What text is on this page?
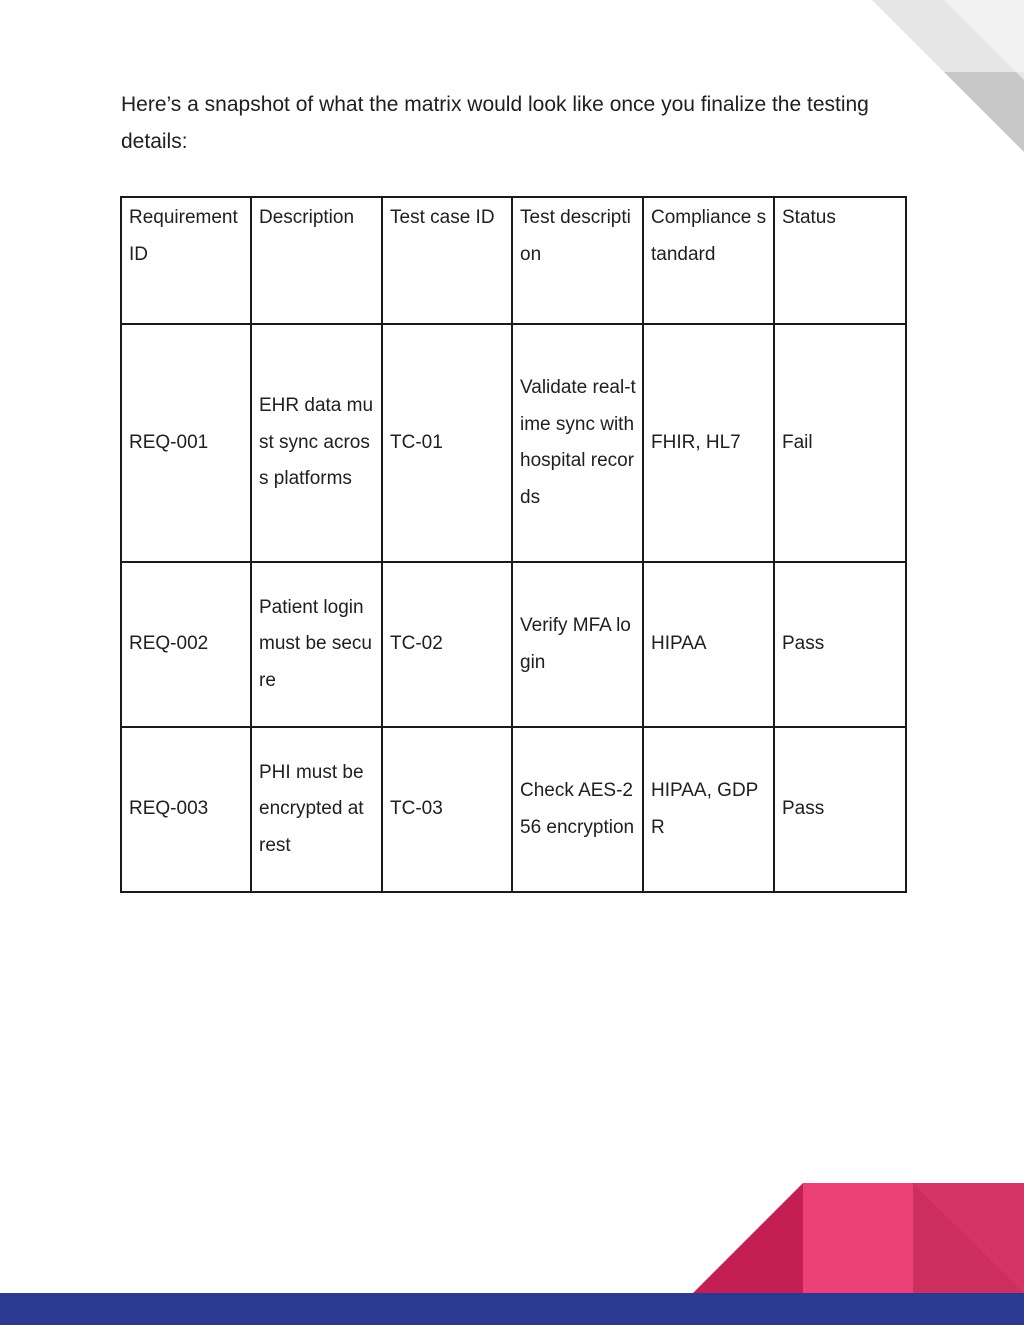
Here’s a snapshot of what the matrix would look like once you finalize the testing details:

Requirement ID	Description	Test case ID	Test description	Compliance standard	Status
REQ-001	EHR data must sync across platforms	TC-01	Validate real-time sync with hospital records	FHIR, HL7	Fail
REQ-002	Patient login must be secure	TC-02	Verify MFA login	HIPAA	Pass
REQ-003	PHI must be encrypted at rest	TC-03	Check AES-256 encryption	HIPAA, GDPR	Pass
